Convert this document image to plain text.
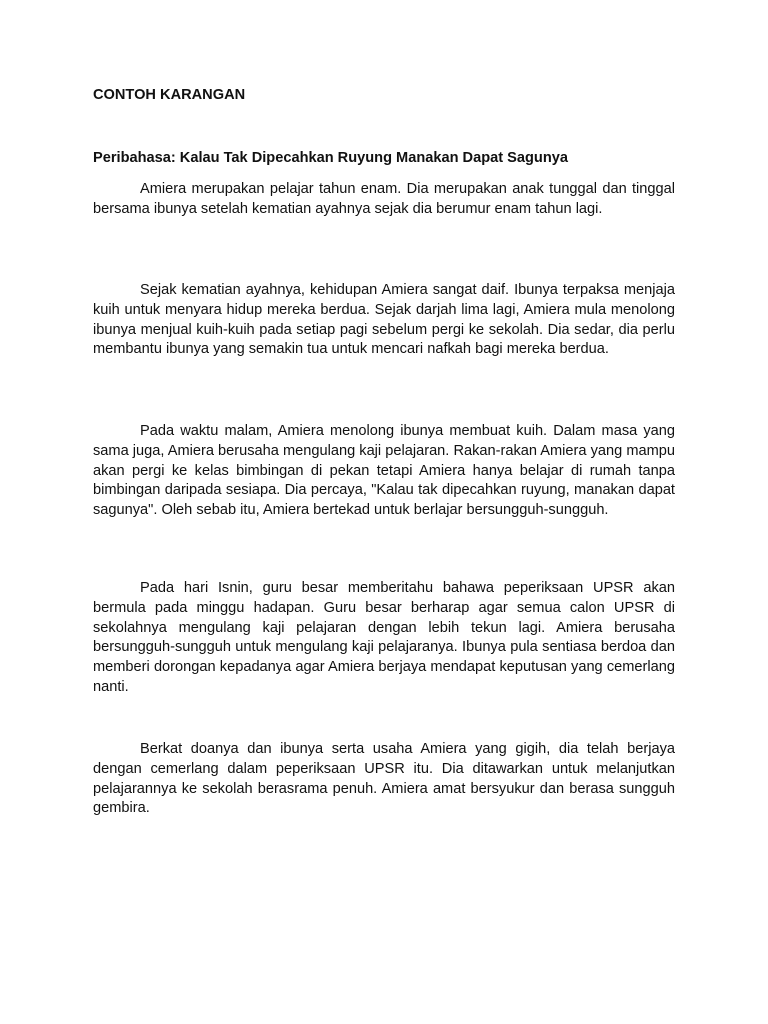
CONTOH KARANGAN
Peribahasa: Kalau Tak Dipecahkan Ruyung Manakan Dapat Sagunya

Amiera merupakan pelajar tahun enam. Dia merupakan anak tunggal dan tinggal bersama ibunya setelah kematian ayahnya sejak dia berumur enam tahun lagi.

Sejak kematian ayahnya, kehidupan Amiera sangat daif. Ibunya terpaksa menjaja kuih untuk menyara hidup mereka berdua. Sejak darjah lima lagi, Amiera mula menolong ibunya menjual kuih-kuih pada setiap pagi sebelum pergi ke sekolah. Dia sedar, dia perlu membantu ibunya yang semakin tua untuk mencari nafkah bagi mereka berdua.

Pada waktu malam, Amiera menolong ibunya membuat kuih. Dalam masa yang sama juga, Amiera berusaha mengulang kaji pelajaran. Rakan-rakan Amiera yang mampu akan pergi ke kelas bimbingan di pekan tetapi Amiera hanya belajar di rumah tanpa bimbingan daripada sesiapa. Dia percaya, "Kalau tak dipecahkan ruyung, manakan dapat sagunya". Oleh sebab itu, Amiera bertekad untuk berlajar bersungguh-sungguh.

Pada hari Isnin, guru besar memberitahu bahawa peperiksaan UPSR akan bermula pada minggu hadapan. Guru besar berharap agar semua calon UPSR di sekolahnya mengulang kaji pelajaran dengan lebih tekun lagi. Amiera berusaha bersungguh-sungguh untuk mengulang kaji pelajaranya. Ibunya pula sentiasa berdoa dan memberi dorongan kepadanya agar Amiera berjaya mendapat keputusan yang cemerlang nanti.

Berkat doanya dan ibunya serta usaha Amiera yang gigih, dia telah berjaya dengan cemerlang dalam peperiksaan UPSR itu. Dia ditawarkan untuk melanjutkan pelajarannya ke sekolah berasrama penuh. Amiera amat bersyukur dan berasa sungguh gembira.
